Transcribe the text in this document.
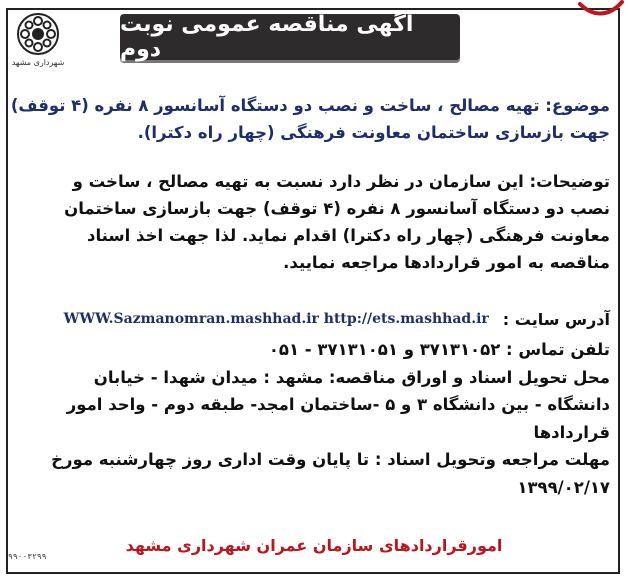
شهرداری مشهد
آگهی مناقصه عمومی نوبت دوم
موضوع: تهیه مصالح ، ساخت و نصب دو دستگاه آسانسور ۸ نفره (۴ توقف)
جهت بازسازی ساختمان معاونت فرهنگی (چهار راه دکترا).
توضیحات: این سازمان در نظر دارد نسبت به تهیه مصالح ، ساخت و
نصب دو دستگاه آسانسور ۸ نفره (۴ توقف) جهت بازسازی ساختمان
معاونت فرهنگی (چهار راه دکترا) اقدام نماید. لذا جهت اخذ اسناد
مناقصه به امور قراردادها مراجعه نمایید.
آدرس سایت :
WWW.Sazmanomran.mashhad.ir http://ets.mashhad.ir
تلفن تماس : ۳۷۱۳۱۰۵۲ و ۳۷۱۳۱۰۵۱ - ۰۵۱
محل تحویل اسناد و اوراق مناقصه: مشهد : میدان شهدا - خیابان
دانشگاه - بین دانشگاه ۳ و ۵ -ساختمان امجد- طبقه دوم - واحد امور
قراردادها
مهلت مراجعه وتحویل اسناد : تا پایان وقت اداری روز چهارشنبه مورخ
۱۳۹۹/۰۲/۱۷
امورقراردادهای سازمان عمران شهرداری مشهد
۹۹۰۰۳۲۹۹
